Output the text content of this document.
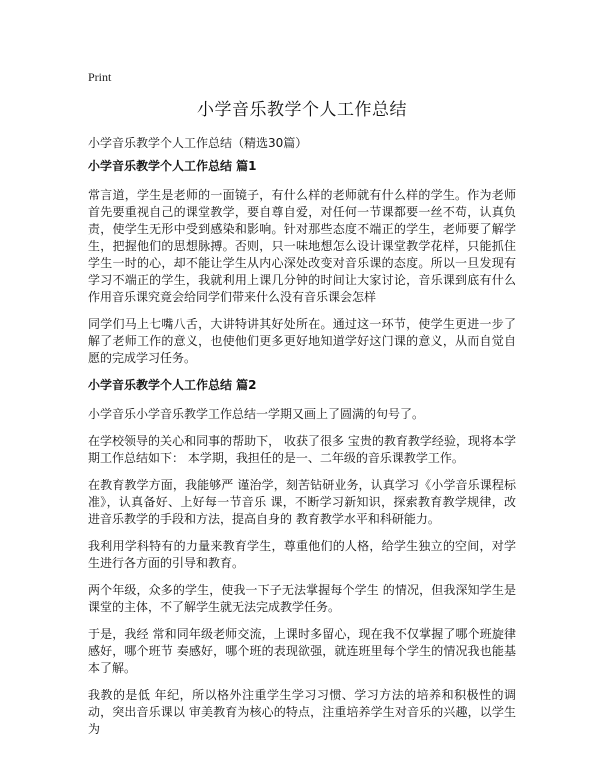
Print
小学音乐教学个人工作总结

小学音乐教学个人工作总结（精选30篇）

小学音乐教学个人工作总结 篇1

常言道，学生是老师的一面镜子，有什么样的老师就有什么样的学生。作为老师首先要重视自己的课堂教学，要自尊自爱，对任何一节课都要一丝不苟，认真负责，使学生无形中受到感染和影响。针对那些态度不端正的学生，老师要了解学生，把握他们的思想脉搏。否则，只一味地想怎么设计课堂教学花样，只能抓住学生一时的心，却不能让学生从内心深处改变对音乐课的态度。所以一旦发现有学习不端正的学生，我就利用上课几分钟的时间让大家讨论，音乐课到底有什么作用音乐课究竟会给同学们带来什么没有音乐课会怎样

同学们马上七嘴八舌，大讲特讲其好处所在。通过这一环节，使学生更进一步了解了老师工作的意义，也使他们更多更好地知道学好这门课的意义，从而自觉自愿的完成学习任务。

小学音乐教学个人工作总结 篇2

小学音乐小学音乐教学工作总结一学期又画上了圆满的句号了。

在学校领导的关心和同事的帮助下， 收获了很多 宝贵的教育教学经验，现将本学期工作总结如下： 本学期，我担任的是一、二年级的音乐课教学工作。

在教育教学方面，我能够严 谨治学，刻苦钻研业务，认真学习《小学音乐课程标准》，认真备好、上好每一节音乐 课，不断学习新知识，探索教育教学规律，改进音乐教学的手段和方法，提高自身的 教育教学水平和科研能力。

我利用学科特有的力量来教育学生，尊重他们的人格，给学生独立的空间，对学生进行各方面的引导和教育。

两个年级，众多的学生，使我一下子无法掌握每个学生 的情况，但我深知学生是课堂的主体，不了解学生就无法完成教学任务。

于是，我经 常和同年级老师交流，上课时多留心，现在我不仅掌握了哪个班旋律感好，哪个班节 奏感好，哪个班的表现欲强，就连班里每个学生的情况我也能基本了解。

我教的是低 年纪，所以格外注重学生学习习惯、学习方法的培养和积极性的调动，突出音乐课以 审美教育为核心的特点，注重培养学生对音乐的兴趣，以学生为
